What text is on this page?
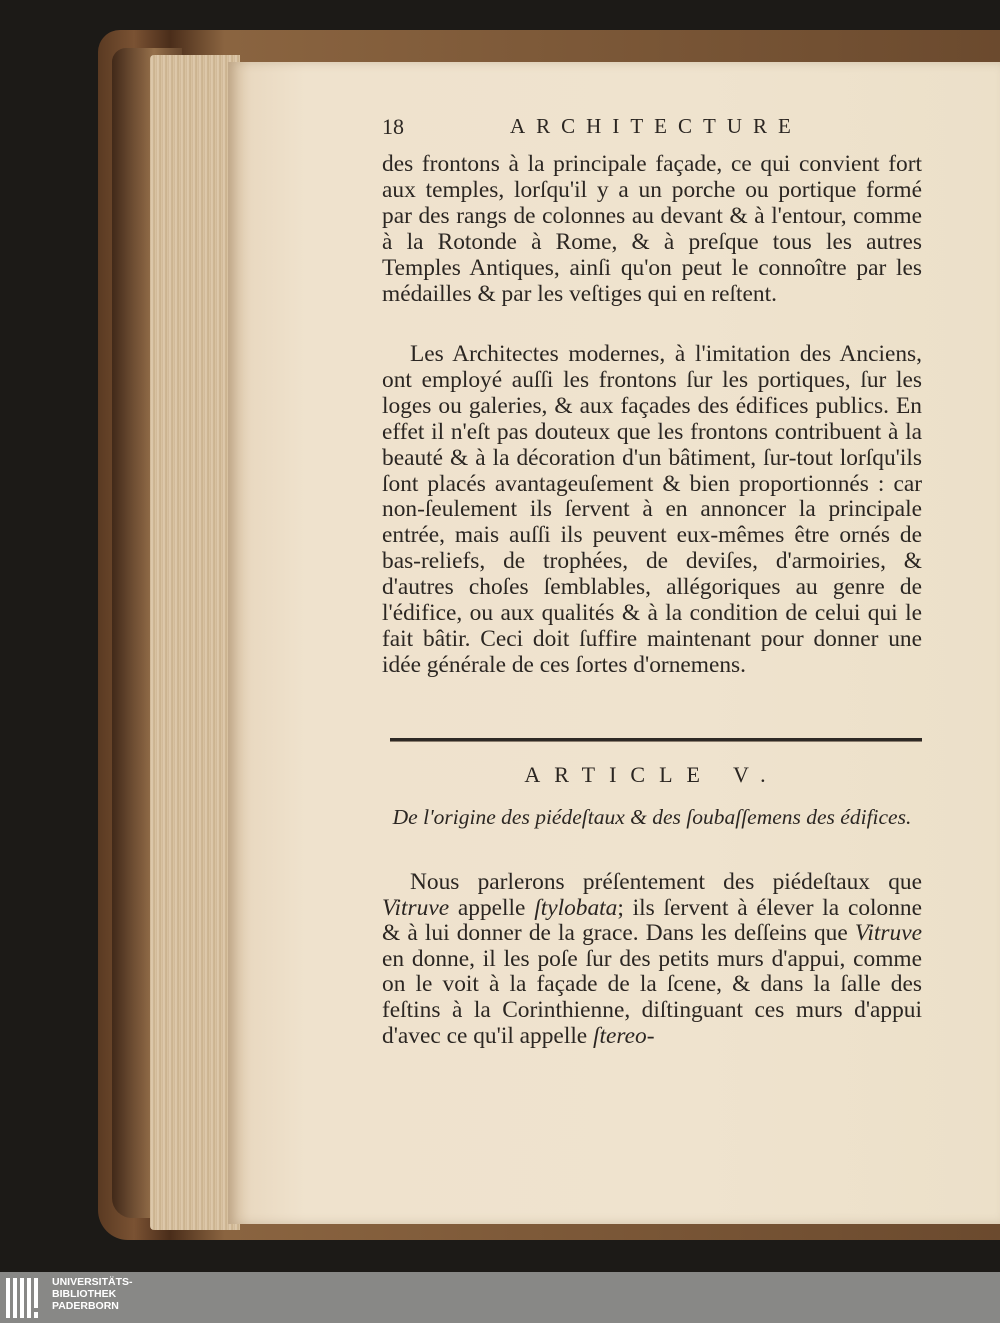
18	ARCHITECTURE

des frontons à la principale façade, ce qui convient fort aux temples, lorſqu'il y a un porche ou portique formé par des rangs de colonnes au devant & à l'entour, comme à la Rotonde à Rome, & à preſque tous les autres Temples Antiques, ainſi qu'on peut le connoître par les médailles & par les veſtiges qui en reſtent.

Les Architectes modernes, à l'imitation des Anciens, ont employé auſſi les frontons ſur les portiques, ſur les loges ou galeries, & aux façades des édifices publics. En effet il n'eſt pas douteux que les frontons contribuent à la beauté & à la décoration d'un bâtiment, ſur-tout lorſqu'ils ſont placés avantageuſement & bien proportionnés : car non-ſeulement ils ſervent à en annoncer la principale entrée, mais auſſi ils peuvent eux-mêmes être ornés de bas-reliefs, de trophées, de deviſes, d'armoiries, & d'autres choſes ſemblables, allégoriques au genre de l'édifice, ou aux qualités & à la condition de celui qui le fait bâtir. Ceci doit ſuffire maintenant pour donner une idée générale de ces ſortes d'ornemens.

ARTICLE V.
De l'origine des piédeſtaux & des ſoubaſſemens des édifices.

Nous parlerons préſentement des piédeſtaux que Vitruve appelle ſtylobata; ils ſervent à élever la colonne & à lui donner de la grace. Dans les deſſeins que Vitruve en donne, il les poſe ſur des petits murs d'appui, comme on le voit à la façade de la ſcene, & dans la ſalle des feſtins à la Corinthienne, diſtinguant ces murs d'appui d'avec ce qu'il appelle ſtereo-

UNIVERSITÄTS-
BIBLIOTHEK
PADERBORN
